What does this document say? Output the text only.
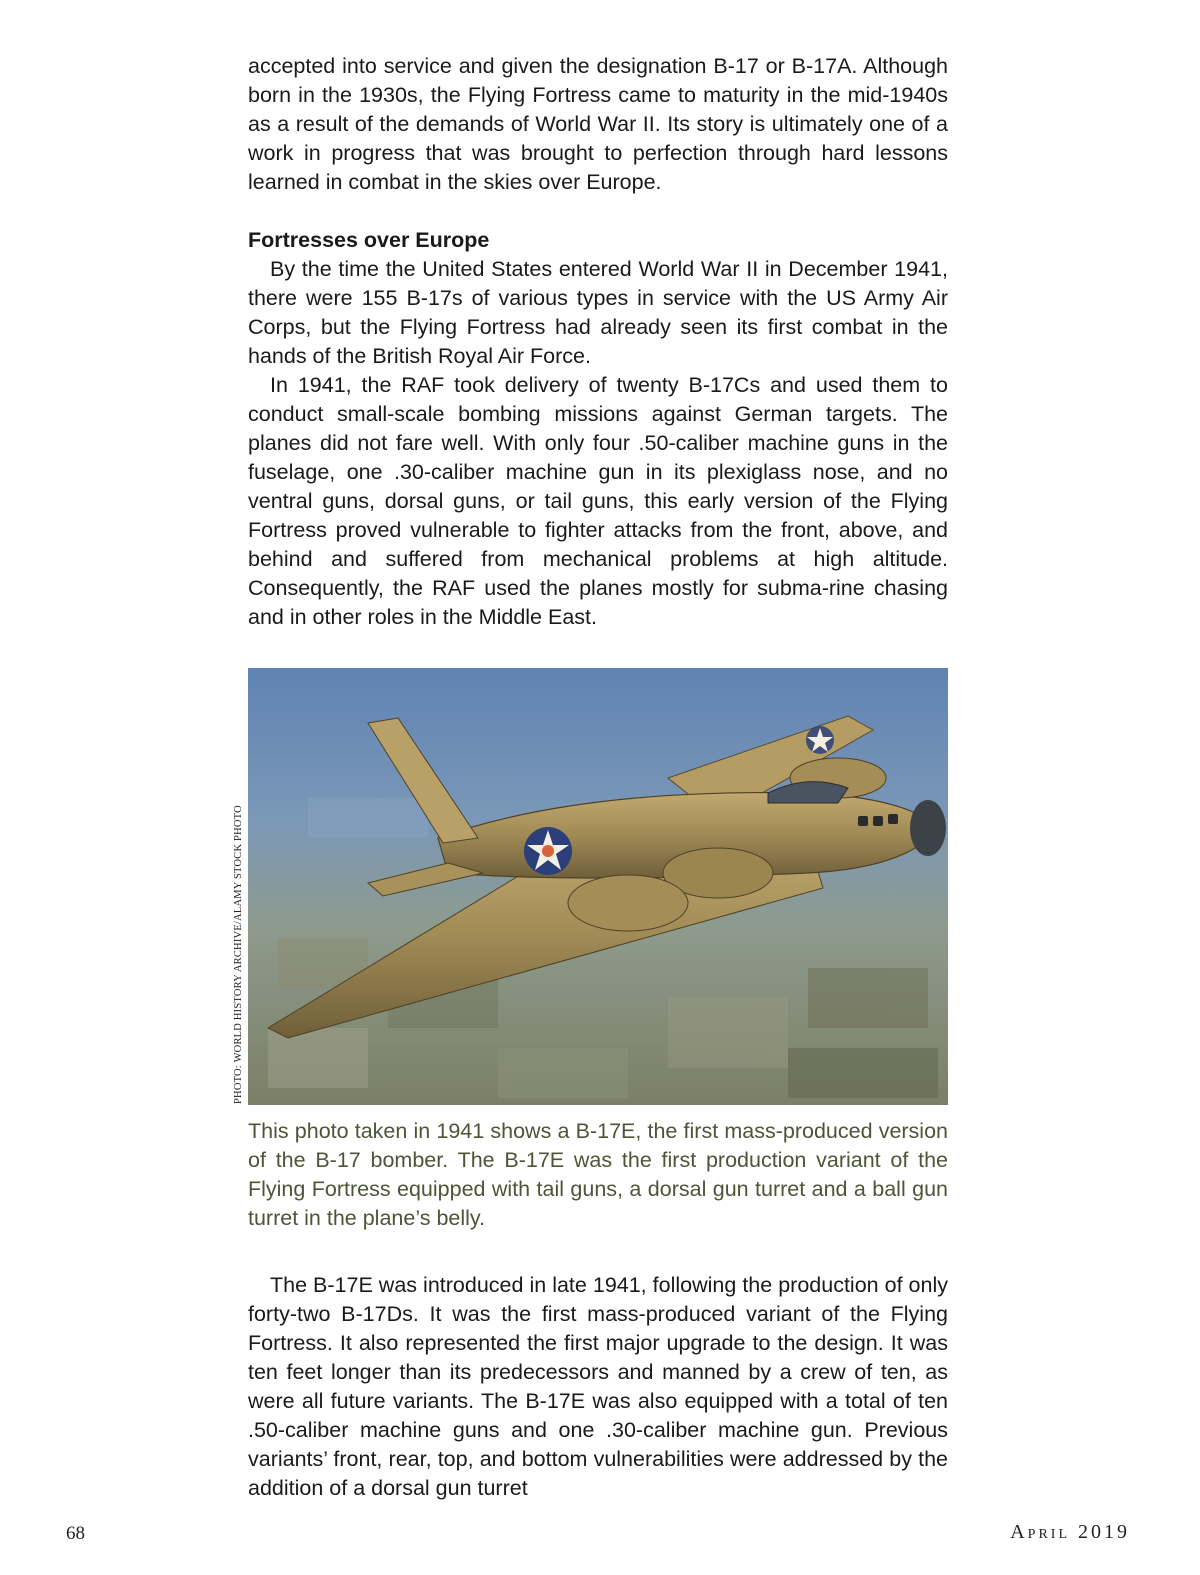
accepted into service and given the designation B-17 or B-17A. Although born in the 1930s, the Flying Fortress came to maturity in the mid-1940s as a result of the demands of World War II. Its story is ultimately one of a work in progress that was brought to perfection through hard lessons learned in combat in the skies over Europe.

Fortresses over Europe

By the time the United States entered World War II in December 1941, there were 155 B-17s of various types in service with the US Army Air Corps, but the Flying Fortress had already seen its first combat in the hands of the British Royal Air Force.

In 1941, the RAF took delivery of twenty B-17Cs and used them to conduct small-scale bombing missions against German targets. The planes did not fare well. With only four .50-caliber machine guns in the fuselage, one .30-caliber machine gun in its plexiglass nose, and no ventral guns, dorsal guns, or tail guns, this early version of the Flying Fortress proved vulnerable to fighter attacks from the front, above, and behind and suffered from mechanical problems at high altitude. Consequently, the RAF used the planes mostly for subma-rine chasing and in other roles in the Middle East.

PHOTO: WORLD HISTORY ARCHIVE/ALAMY STOCK PHOTO

This photo taken in 1941 shows a B-17E, the first mass-produced version of the B-17 bomber. The B-17E was the first production variant of the Flying Fortress equipped with tail guns, a dorsal gun turret and a ball gun turret in the plane’s belly.

The B-17E was introduced in late 1941, following the production of only forty-two B-17Ds. It was the first mass-produced variant of the Flying Fortress. It also represented the first major upgrade to the design. It was ten feet longer than its predecessors and manned by a crew of ten, as were all future variants. The B-17E was also equipped with a total of ten .50-caliber machine guns and one .30-caliber machine gun. Previous variants’ front, rear, top, and bottom vulnerabilities were addressed by the addition of a dorsal gun turret

68	April 2019
